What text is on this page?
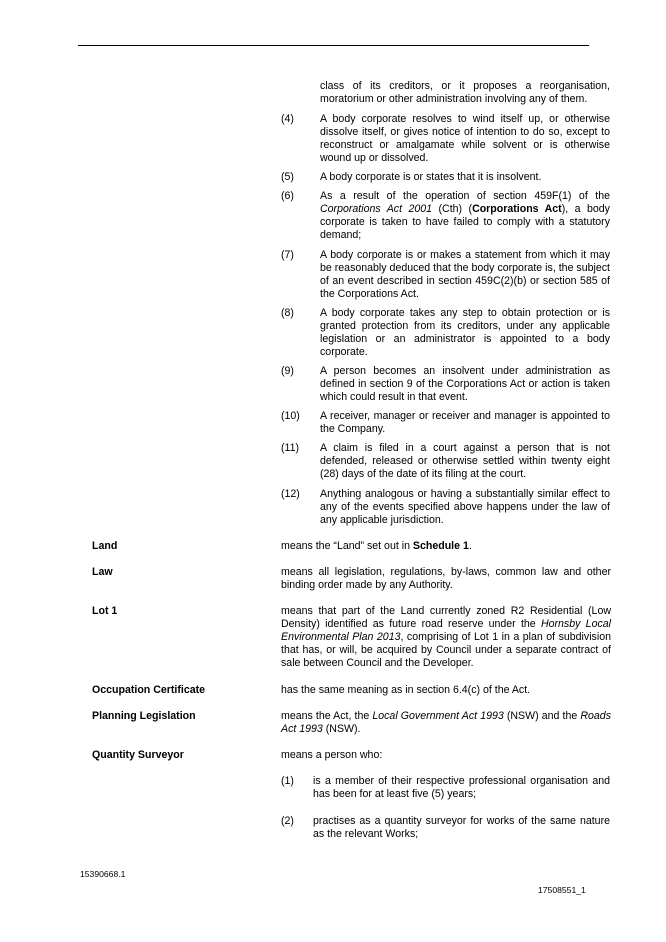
class of its creditors, or it proposes a reorganisation, moratorium or other administration involving any of them.
(4) A body corporate resolves to wind itself up, or otherwise dissolve itself, or gives notice of intention to do so, except to reconstruct or amalgamate while solvent or is otherwise wound up or dissolved.
(5) A body corporate is or states that it is insolvent.
(6) As a result of the operation of section 459F(1) of the Corporations Act 2001 (Cth) (Corporations Act), a body corporate is taken to have failed to comply with a statutory demand;
(7) A body corporate is or makes a statement from which it may be reasonably deduced that the body corporate is, the subject of an event described in section 459C(2)(b) or section 585 of the Corporations Act.
(8) A body corporate takes any step to obtain protection or is granted protection from its creditors, under any applicable legislation or an administrator is appointed to a body corporate.
(9) A person becomes an insolvent under administration as defined in section 9 of the Corporations Act or action is taken which could result in that event.
(10) A receiver, manager or receiver and manager is appointed to the Company.
(11) A claim is filed in a court against a person that is not defended, released or otherwise settled within twenty eight (28) days of the date of its filing at the court.
(12) Anything analogous or having a substantially similar effect to any of the events specified above happens under the law of any applicable jurisdiction.
Land	means the “Land” set out in Schedule 1.
Law	means all legislation, regulations, by-laws, common law and other binding order made by any Authority.
Lot 1	means that part of the Land currently zoned R2 Residential (Low Density) identified as future road reserve under the Hornsby Local Environmental Plan 2013, comprising of Lot 1 in a plan of subdivision that has, or will, be acquired by Council under a separate contract of sale between Council and the Developer.
Occupation Certificate	has the same meaning as in section 6.4(c) of the Act.
Planning Legislation	means the Act, the Local Government Act 1993 (NSW) and the Roads Act 1993 (NSW).
Quantity Surveyor	means a person who:
(1) is a member of their respective professional organisation and has been for at least five (5) years;
(2) practises as a quantity surveyor for works of the same nature as the relevant Works;
15390668.1
17508551_1
